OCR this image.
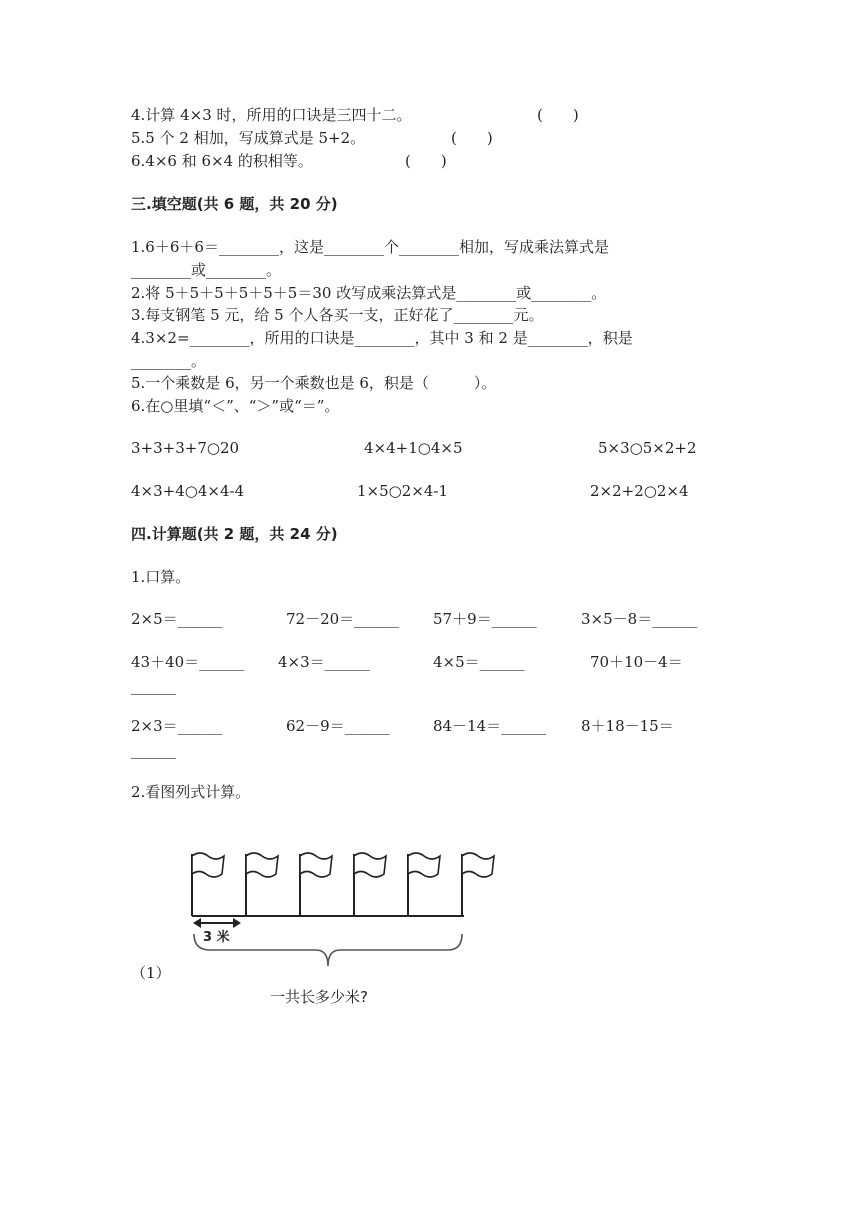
4.计算 4×3 时，所用的口诀是三四十二。	(　　)
5.5 个 2 相加，写成算式是 5+2。	(　　)
6.4×6 和 6×4 的积相等。	(　　)
三.填空题(共 6 题，共 20 分)
1.6＋6＋6＝________，这是________个________相加，写成乘法算式是
________或________。
2.将 5＋5＋5＋5＋5＋5＝30 改写成乘法算式是________或________。
3.每支钢笔 5 元，给 5 个人各买一支，正好花了________元。
4.3×2=________，所用的口诀是________，其中 3 和 2 是________，积是
________。
5.一个乘数是 6，另一个乘数也是 6，积是（　　　）。
6.在○里填“＜”、“＞”或“＝”。
3+3+3+7○20	4×4+1○4×5	5×3○5×2+2
4×3+4○4×4-4	1×5○2×4-1	2×2+2○2×4
四.计算题(共 2 题，共 24 分)
1.口算。
2×5＝______	72－20＝______ 57＋9＝______	3×5－8＝______
43＋40＝______ 4×3＝______	4×5＝______	70＋10－4＝
______
2×3＝______	62－9＝______	84－14＝______ 8＋18－15＝
______
2.看图列式计算。
（1）
3 米
一共长多少米?
